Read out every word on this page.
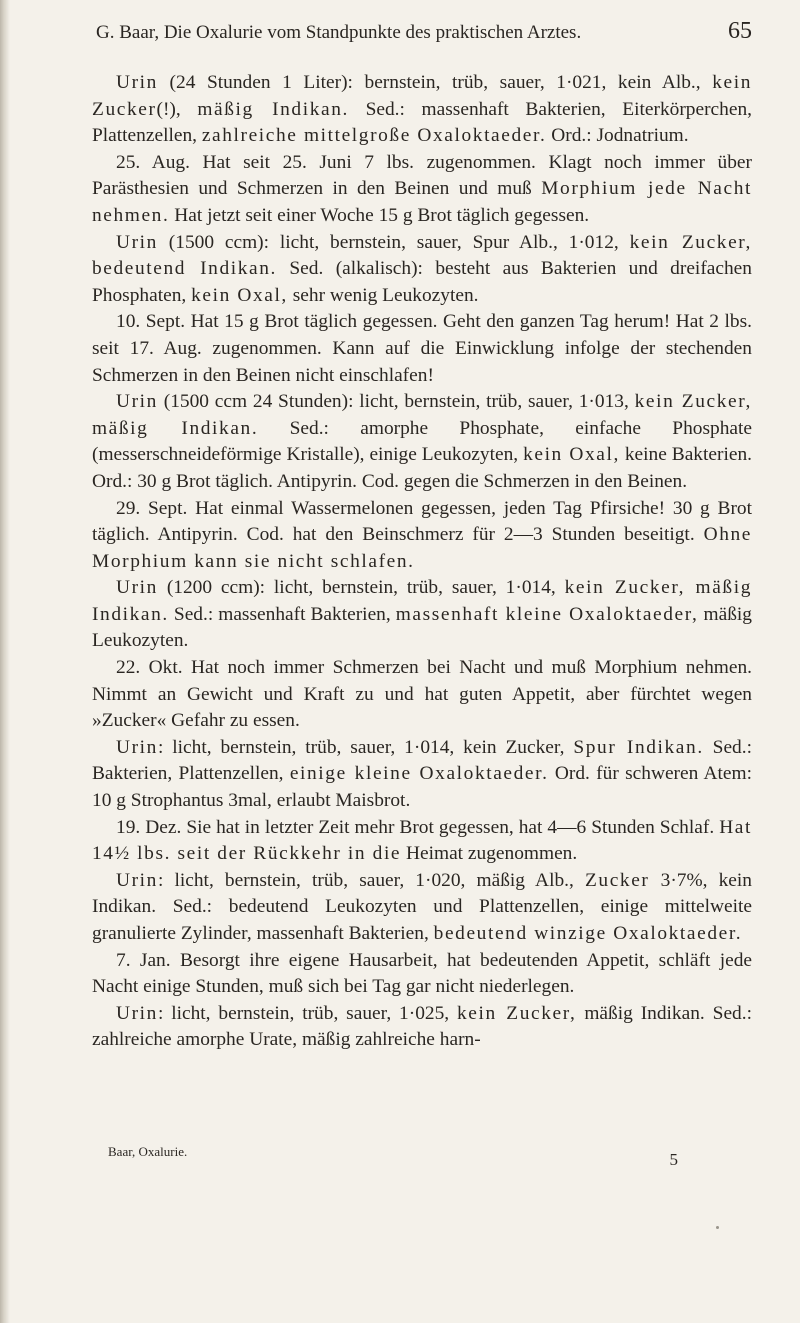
G. Baar, Die Oxalurie vom Standpunkte des praktischen Arztes.	65

Urin (24 Stunden 1 Liter): bernstein, trüb, sauer, 1·021, kein Alb., kein Zucker(!), mäßig Indikan. Sed.: massenhaft Bakterien, Eiterkörperchen, Plattenzellen, zahlreiche mittelgroße Oxaloktaeder. Ord.: Jodnatrium.

25. Aug. Hat seit 25. Juni 7 lbs. zugenommen. Klagt noch immer über Parästhesien und Schmerzen in den Beinen und muß Morphium jede Nacht nehmen. Hat jetzt seit einer Woche 15 g Brot täglich gegessen.

Urin (1500 ccm): licht, bernstein, sauer, Spur Alb., 1·012, kein Zucker, bedeutend Indikan. Sed. (alkalisch): besteht aus Bakterien und dreifachen Phosphaten, kein Oxal, sehr wenig Leukozyten.

10. Sept. Hat 15 g Brot täglich gegessen. Geht den ganzen Tag herum! Hat 2 lbs. seit 17. Aug. zugenommen. Kann auf die Einwicklung infolge der stechenden Schmerzen in den Beinen nicht einschlafen!

Urin (1500 ccm 24 Stunden): licht, bernstein, trüb, sauer, 1·013, kein Zucker, mäßig Indikan. Sed.: amorphe Phosphate, einfache Phosphate (messerschneideförmige Kristalle), einige Leukozyten, kein Oxal, keine Bakterien. Ord.: 30 g Brot täglich. Antipyrin. Cod. gegen die Schmerzen in den Beinen.

29. Sept. Hat einmal Wassermelonen gegessen, jeden Tag Pfirsiche! 30 g Brot täglich. Antipyrin. Cod. hat den Beinschmerz für 2—3 Stunden beseitigt. Ohne Morphium kann sie nicht schlafen.

Urin (1200 ccm): licht, bernstein, trüb, sauer, 1·014, kein Zucker, mäßig Indikan. Sed.: massenhaft Bakterien, massenhaft kleine Oxaloktaeder, mäßig Leukozyten.

22. Okt. Hat noch immer Schmerzen bei Nacht und muß Morphium nehmen. Nimmt an Gewicht und Kraft zu und hat guten Appetit, aber fürchtet wegen »Zucker« Gefahr zu essen.

Urin: licht, bernstein, trüb, sauer, 1·014, kein Zucker, Spur Indikan. Sed.: Bakterien, Plattenzellen, einige kleine Oxaloktaeder. Ord. für schweren Atem: 10 g Strophantus 3mal, erlaubt Maisbrot.

19. Dez. Sie hat in letzter Zeit mehr Brot gegessen, hat 4—6 Stunden Schlaf. Hat 14½ lbs. seit der Rückkehr in die Heimat zugenommen.

Urin: licht, bernstein, trüb, sauer, 1·020, mäßig Alb., Zucker 3·7%, kein Indikan. Sed.: bedeutend Leukozyten und Plattenzellen, einige mittelweite granulierte Zylinder, massenhaft Bakterien, bedeutend winzige Oxaloktaeder.

7. Jan. Besorgt ihre eigene Hausarbeit, hat bedeutenden Appetit, schläft jede Nacht einige Stunden, muß sich bei Tag gar nicht niederlegen.

Urin: licht, bernstein, trüb, sauer, 1·025, kein Zucker, mäßig Indikan. Sed.: zahlreiche amorphe Urate, mäßig zahlreiche harn-

Baar, Oxalurie.	5
